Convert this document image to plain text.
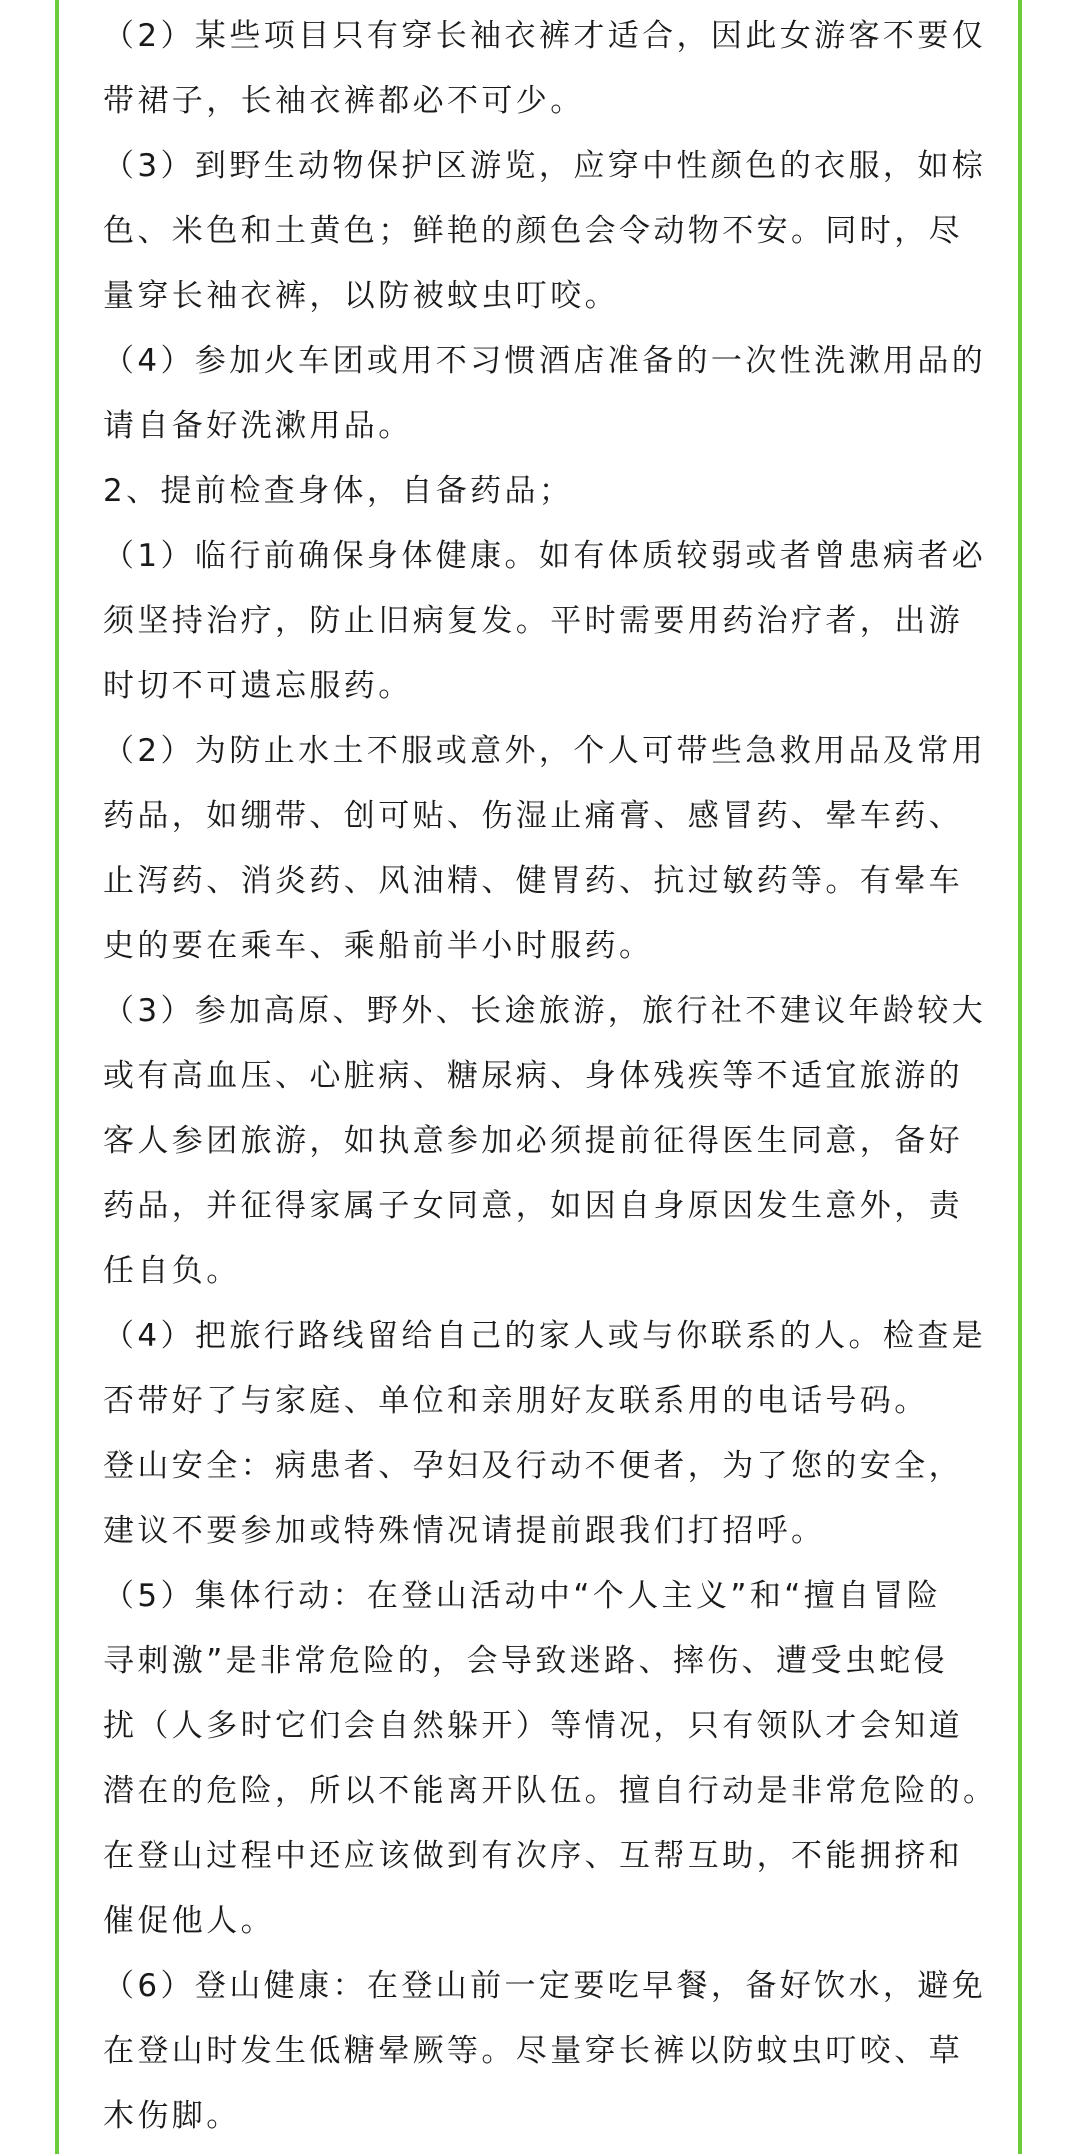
（2）某些项目只有穿长袖衣裤才适合，因此女游客不要仅
带裙子，长袖衣裤都必不可少。
（3）到野生动物保护区游览，应穿中性颜色的衣服，如棕
色、米色和土黄色；鲜艳的颜色会令动物不安。同时，尽
量穿长袖衣裤，以防被蚊虫叮咬。
（4）参加火车团或用不习惯酒店准备的一次性洗漱用品的
请自备好洗漱用品。
2、提前检查身体，自备药品；
（1）临行前确保身体健康。如有体质较弱或者曾患病者必
须坚持治疗，防止旧病复发。平时需要用药治疗者，出游
时切不可遗忘服药。
（2）为防止水土不服或意外，个人可带些急救用品及常用
药品，如绷带、创可贴、伤湿止痛膏、感冒药、晕车药、
止泻药、消炎药、风油精、健胃药、抗过敏药等。有晕车
史的要在乘车、乘船前半小时服药。
（3）参加高原、野外、长途旅游，旅行社不建议年龄较大
或有高血压、心脏病、糖尿病、身体残疾等不适宜旅游的
客人参团旅游，如执意参加必须提前征得医生同意，备好
药品，并征得家属子女同意，如因自身原因发生意外，责
任自负。
（4）把旅行路线留给自己的家人或与你联系的人。检查是
否带好了与家庭、单位和亲朋好友联系用的电话号码。
登山安全：病患者、孕妇及行动不便者，为了您的安全，
建议不要参加或特殊情况请提前跟我们打招呼。
（5）集体行动：在登山活动中“个人主义”和“擅自冒险
寻刺激”是非常危险的，会导致迷路、摔伤、遭受虫蛇侵
扰（人多时它们会自然躲开）等情况，只有领队才会知道
潜在的危险，所以不能离开队伍。擅自行动是非常危险的。
在登山过程中还应该做到有次序、互帮互助，不能拥挤和
催促他人。
（6）登山健康：在登山前一定要吃早餐，备好饮水，避免
在登山时发生低糖晕厥等。尽量穿长裤以防蚊虫叮咬、草
木伤脚。
